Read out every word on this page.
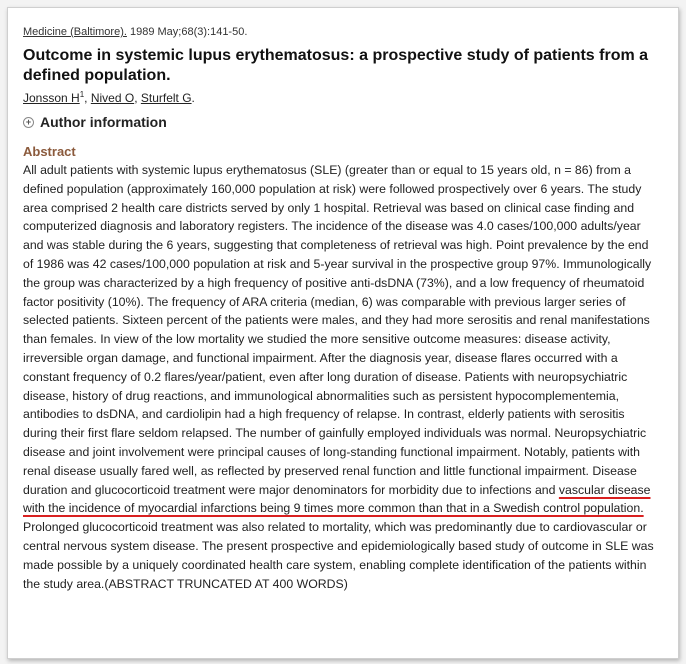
Medicine (Baltimore). 1989 May;68(3):141-50.
Outcome in systemic lupus erythematosus: a prospective study of patients from a defined population.
Jonsson $H^1$, Nived O, Sturfelt G.
+ Author information
Abstract

All adult patients with systemic lupus erythematosus (SLE) (greater than or equal to 15 years old, n = 86) from a defined population (approximately 160,000 population at risk) were followed prospectively over 6 years. The study area comprised 2 health care districts served by only 1 hospital. Retrieval was based on clinical case finding and computerized diagnosis and laboratory registers. The incidence of the disease was 4.0 cases/100,000 adults/year and was stable during the 6 years, suggesting that completeness of retrieval was high. Point prevalence by the end of 1986 was 42 cases/100,000 population at risk and 5-year survival in the prospective group 97%. Immunologically the group was characterized by a high frequency of positive anti-dsDNA (73%), and a low frequency of rheumatoid factor positivity (10%). The frequency of ARA criteria (median, 6) was comparable with previous larger series of selected patients. Sixteen percent of the patients were males, and they had more serositis and renal manifestations than females. In view of the low mortality we studied the more sensitive outcome measures: disease activity, irreversible organ damage, and functional impairment. After the diagnosis year, disease flares occurred with a constant frequency of 0.2 flares/year/patient, even after long duration of disease. Patients with neuropsychiatric disease, history of drug reactions, and immunological abnormalities such as persistent hypocomplementemia, antibodies to dsDNA, and cardiolipin had a high frequency of relapse. In contrast, elderly patients with serositis during their first flare seldom relapsed. The number of gainfully employed individuals was normal. Neuropsychiatric disease and joint involvement were principal causes of long-standing functional impairment. Notably, patients with renal disease usually fared well, as reflected by preserved renal function and little functional impairment. Disease duration and glucocorticoid treatment were major denominators for morbidity due to infections and vascular disease with the incidence of myocardial infarctions being 9 times more common than that in a Swedish control population. Prolonged glucocorticoid treatment was also related to mortality, which was predominantly due to cardiovascular or central nervous system disease. The present prospective and epidemiologically based study of outcome in SLE was made possible by a uniquely coordinated health care system, enabling complete identification of the patients within the study area.(ABSTRACT TRUNCATED AT 400 WORDS)
